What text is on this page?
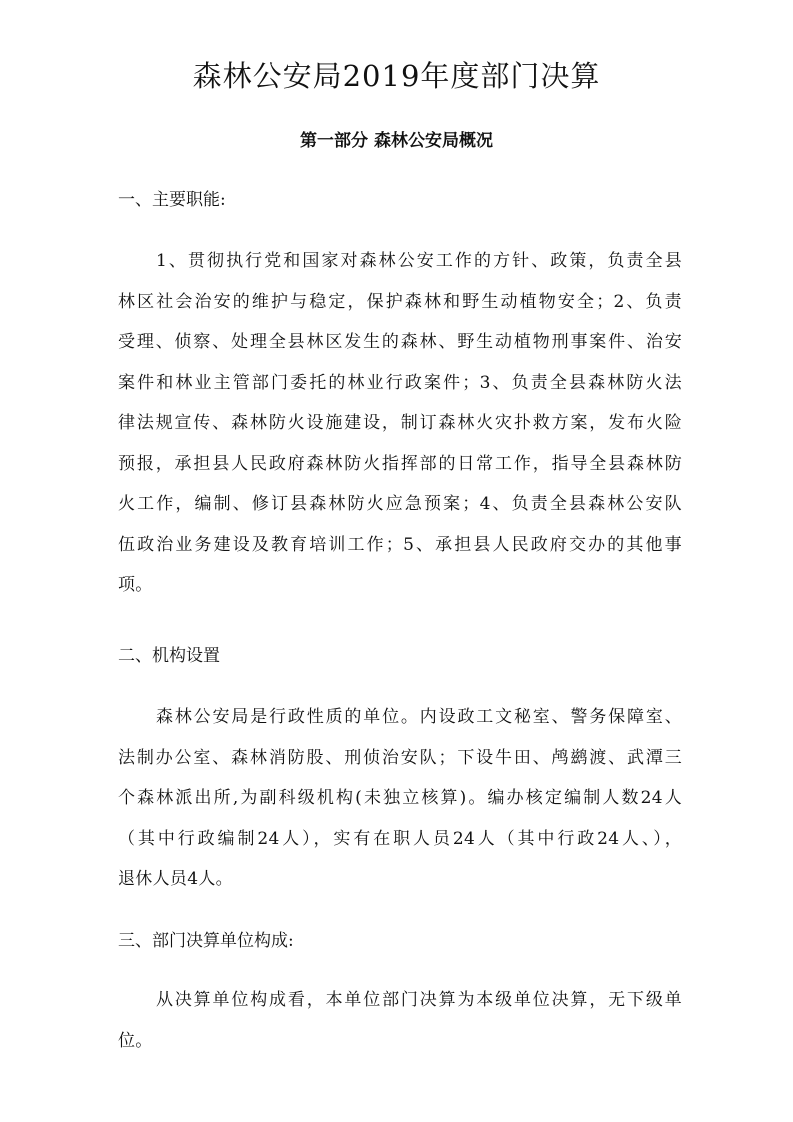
森林公安局2019年度部门决算
第一部分 森林公安局概况

一、主要职能:

1、贯彻执行党和国家对森林公安工作的方针、政策，负责全县
林区社会治安的维护与稳定，保护森林和野生动植物安全；2、负责
受理、侦察、处理全县林区发生的森林、野生动植物刑事案件、治安
案件和林业主管部门委托的林业行政案件；3、负责全县森林防火法
律法规宣传、森林防火设施建设，制订森林火灾扑救方案，发布火险
预报，承担县人民政府森林防火指挥部的日常工作，指导全县森林防
火工作，编制、修订县森林防火应急预案；4、负责全县森林公安队
伍政治业务建设及教育培训工作；5、承担县人民政府交办的其他事
项。

二、机构设置

森林公安局是行政性质的单位。内设政工文秘室、警务保障室、
法制办公室、森林消防股、刑侦治安队；下设牛田、鸬鹚渡、武潭三
个森林派出所,为副科级机构(未独立核算)。编办核定编制人数24人
（其中行政编制24人），实有在职人员24人（其中行政24人、），
退休人员4人。

三、部门决算单位构成:

从决算单位构成看，本单位部门决算为本级单位决算，无下级单
位。
